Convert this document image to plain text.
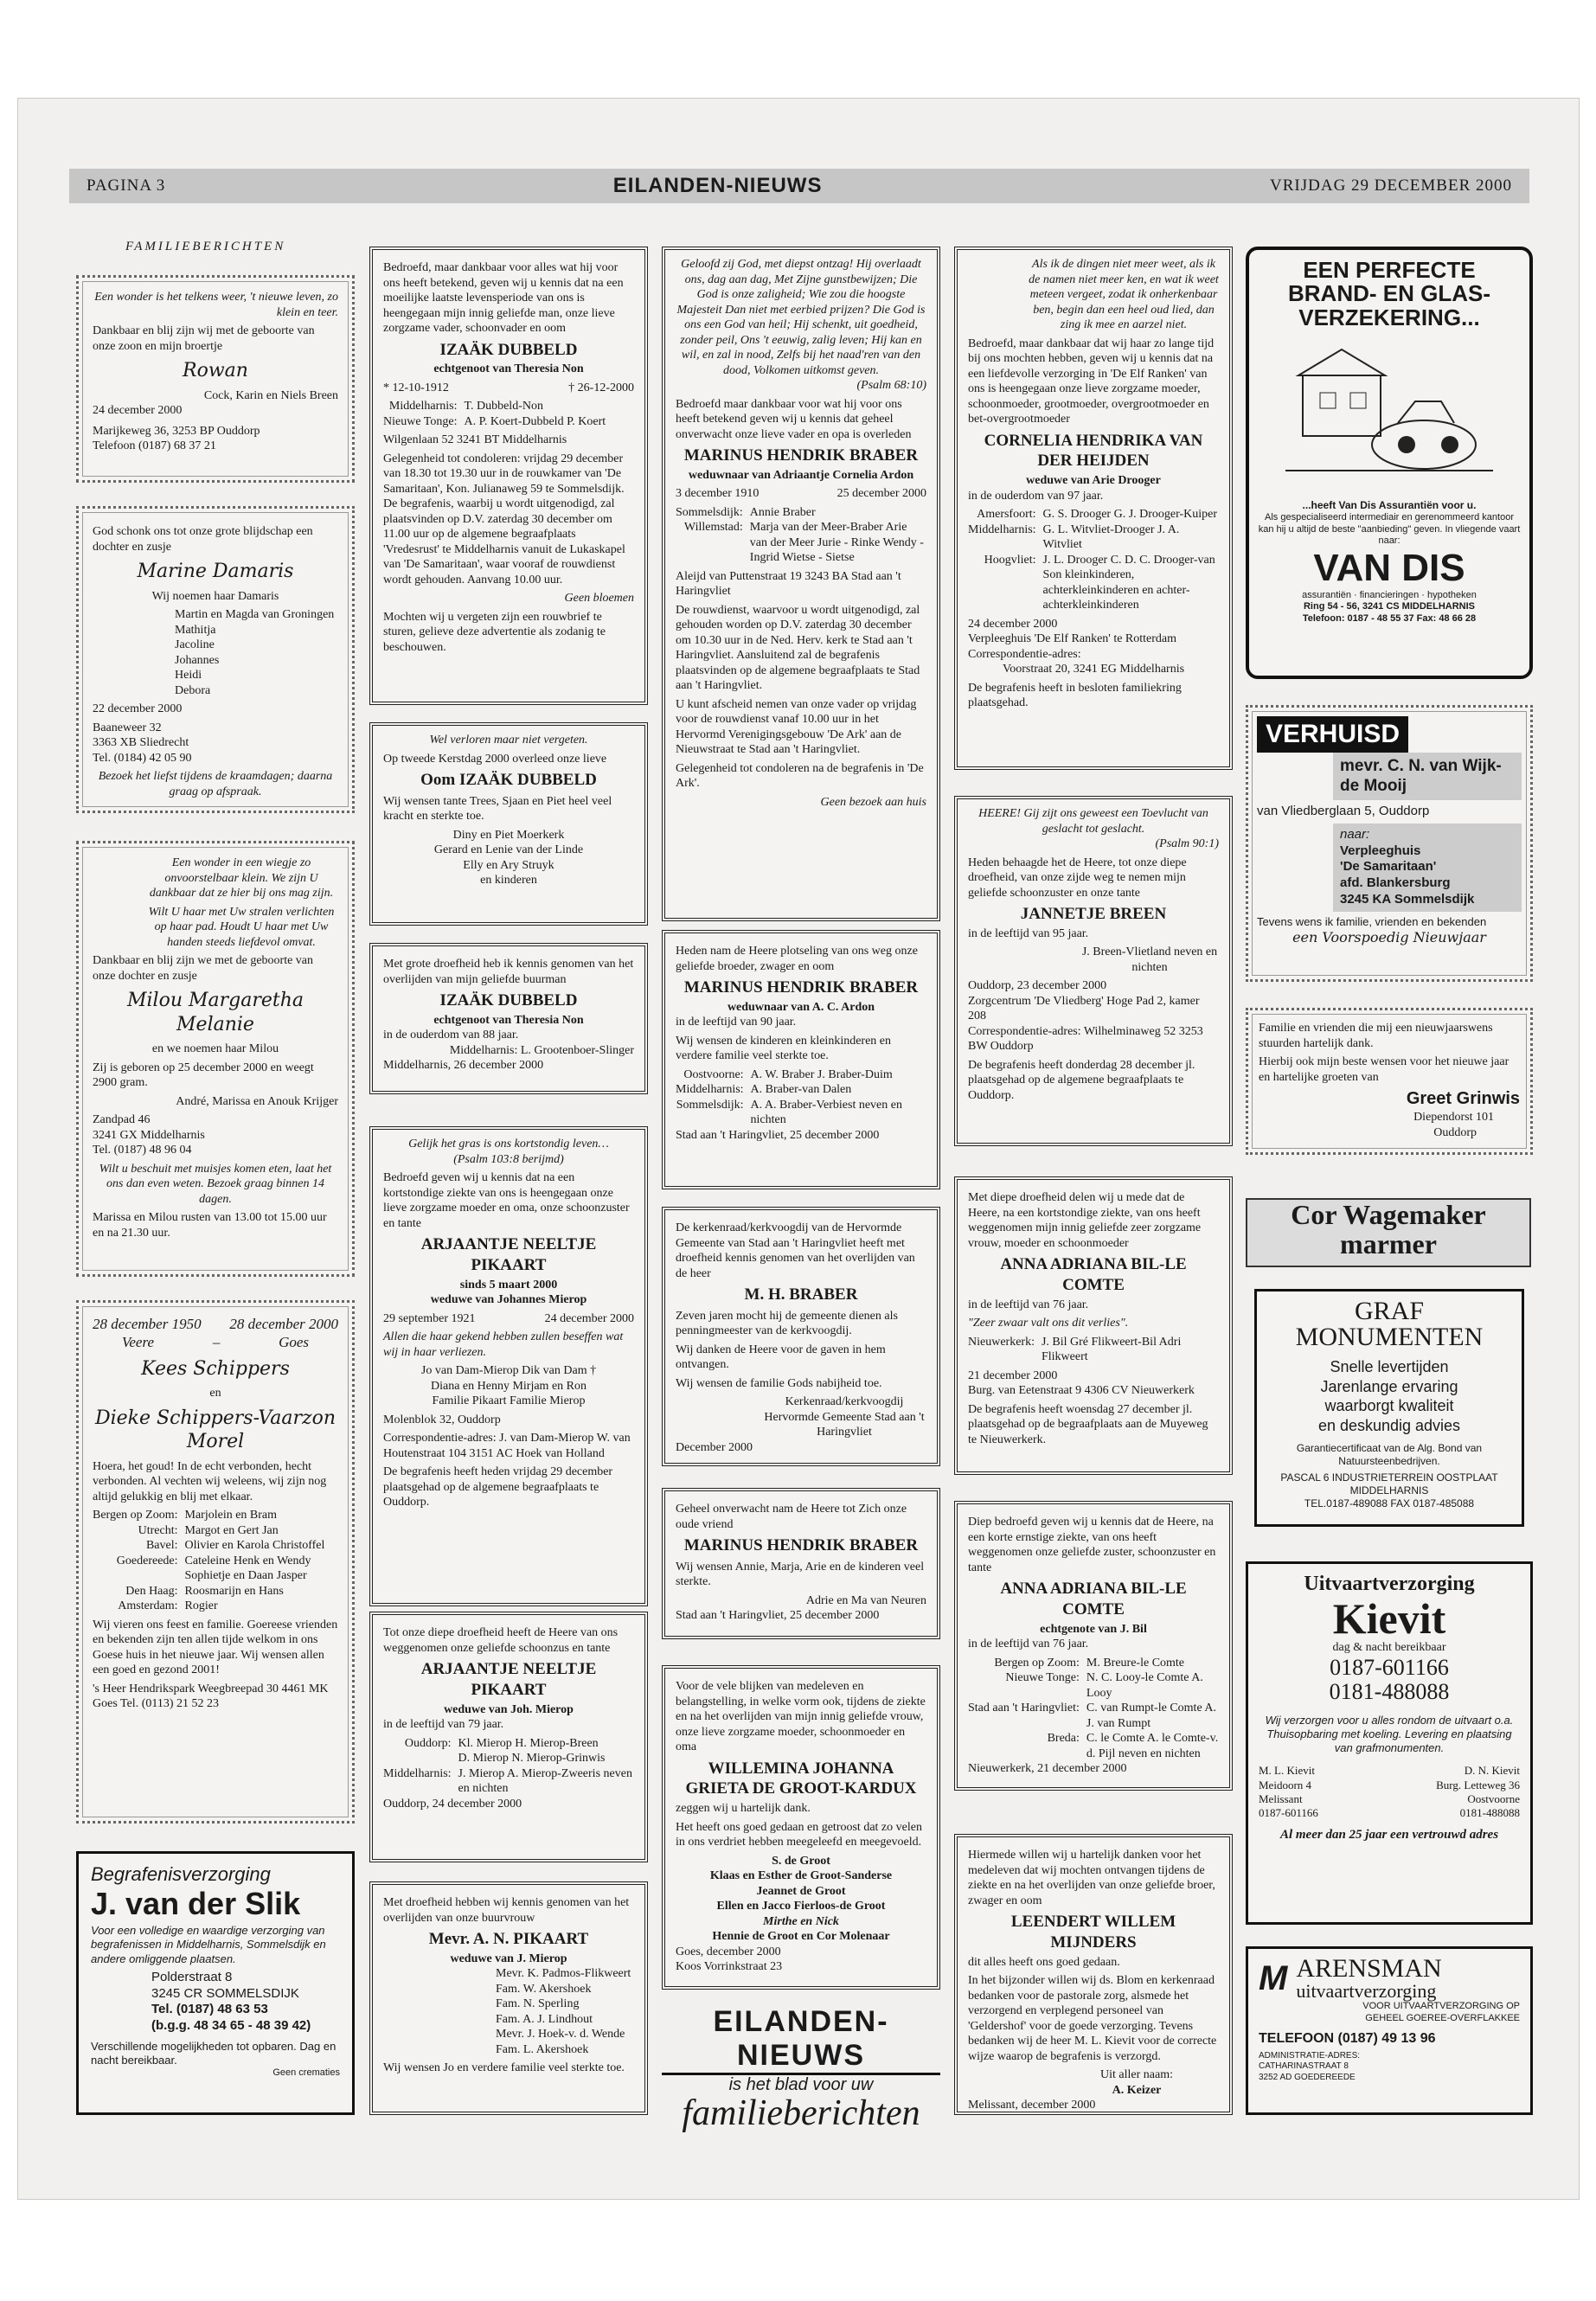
PAGINA 3	EILANDEN-NIEUWS	VRIJDAG 29 DECEMBER 2000
FAMILIEBERICHTEN
Een wonder is het telkens weer, 't nieuwe leven, zo klein en teer.

Dankbaar en blij zijn wij met de geboorte van onze zoon en mijn broertje

Rowan
Cock, Karin en Niels Breen
24 december 2000
Marijkeweg 36, 3253 BP Ouddorp
Telefoon (0187) 68 37 21

God schonk ons tot onze grote blijdschap een dochter en zusje

Marine Damaris
Wij noemen haar Damaris
Martin en Magda van Groningen
Mathitja
Jacoline
Johannes
Heidi
Debora
22 december 2000
Baaneweer 32
3363 XB Sliedrecht
Tel. (0184) 42 05 90
Bezoek het liefst tijdens de kraamdagen; daarna graag op afspraak.
Een wonder in een wiegje zo onvoorstelbaar klein. We zijn U dankbaar dat ze hier bij ons mag zijn.
Wilt U haar met Uw stralen verlichten op haar pad. Houdt U haar met Uw handen steeds liefdevol omvat.

Dankbaar en blij zijn we met de geboorte van onze dochter en zusje

Milou Margaretha Melanie
en we noemen haar Milou

Zij is geboren op 25 december 2000 en weegt 2900 gram.

André, Marissa en Anouk Krijger
Zandpad 46
3241 GX Middelharnis
Tel. (0187) 48 96 04
Wilt u beschuit met muisjes komen eten, laat het ons dan even weten. Bezoek graag binnen 14 dagen.

Marissa en Milou rusten van 13.00 tot 15.00 uur en na 21.30 uur.

28 december 1950 28 december 2000
Veere	–	Goes
Kees Schippers
en
Dieke Schippers-Vaarzon Morel

Hoera, het goud! In de echt verbonden, hecht verbonden. Al vechten wij weleens, wij zijn nog altijd gelukkig en blij met elkaar.

Bergen op Zoom: Marjolein en Bram
Utrecht: Margot en Gert Jan
Bavel: Olivier en Karola Christoffel
Goedereede: Cateleine Henk en Wendy Sophietje en Daan Jasper
Den Haag: Roosmarijn en Hans
Amsterdam: Rogier

Wij vieren ons feest en familie. Goereese vrienden en bekenden zijn ten allen tijde welkom in ons Goese huis in het nieuwe jaar. Wij wensen allen een goed en gezond 2001!

's Heer Hendrikspark Weegbreepad 30 4461 MK Goes Tel. (0113) 21 52 23

Begrafenisverzorging
J. van der Slik
Voor een volledige en waardige verzorging van begrafenissen in Middelharnis, Sommelsdijk en andere omliggende plaatsen.
Polderstraat 8
3245 CR SOMMELSDIJK
Tel. (0187) 48 63 53
(b.g.g. 48 34 65 - 48 39 42)
Verschillende mogelijkheden tot opbaren. Dag en nacht bereikbaar.
Geen crematies

Bedroefd, maar dankbaar voor alles wat hij voor ons heeft betekend, geven wij u kennis dat na een moeilijke laatste levensperiode van ons is heengegaan mijn innig geliefde man, onze lieve zorgzame vader, schoonvader en oom

IZAÄK DUBBELD
echtgenoot van Theresia Non
* 12-10-1912	† 26-12-2000
Middelharnis: T. Dubbeld-Non
Nieuwe Tonge: A. P. Koert-Dubbeld P. Koert

Wilgenlaan 52 3241 BT Middelharnis

Gelegenheid tot condoleren: vrijdag 29 december van 18.30 tot 19.30 uur in de rouwkamer van 'De Samaritaan', Kon. Julianaweg 59 te Sommelsdijk. De begrafenis, waarbij u wordt uitgenodigd, zal plaatsvinden op D.V. zaterdag 30 december om 11.00 uur op de algemene begraafplaats 'Vredesrust' te Middelharnis vanuit de Lukaskapel van 'De Samaritaan', waar vooraf de rouwdienst wordt gehouden. Aanvang 10.00 uur.

Geen bloemen

Mochten wij u vergeten zijn een rouwbrief te sturen, gelieve deze advertentie als zodanig te beschouwen.

Wel verloren maar niet vergeten.

Op tweede Kerstdag 2000 overleed onze lieve

Oom IZAÄK DUBBELD

Wij wensen tante Trees, Sjaan en Piet heel veel kracht en sterkte toe.

Diny en Piet Moerkerk
Gerard en Lenie van der Linde
Elly en Ary Struyk
en kinderen

Met grote droefheid heb ik kennis genomen van het overlijden van mijn geliefde buurman

IZAÄK DUBBELD
echtgenoot van Theresia Non
in de ouderdom van 88 jaar.
Middelharnis: L. Grootenboer-Slinger
Middelharnis, 26 december 2000
Gelijk het gras is ons kortstondig leven…
(Psalm 103:8 berijmd)

Bedroefd geven wij u kennis dat na een kortstondige ziekte van ons is heengegaan onze lieve zorgzame moeder en oma, onze schoonzuster en tante

ARJAANTJE NEELTJE PIKAART
sinds 5 maart 2000
weduwe van Johannes Mierop
29 september 1921	24 december 2000
Allen die haar gekend hebben zullen beseffen wat wij in haar verliezen.
Jo van Dam-Mierop Dik van Dam † Diana en Henny Mirjam en Ron Familie Pikaart Familie Mierop
Molenblok 32, Ouddorp

Correspondentie-adres: J. van Dam-Mierop W. van Houtenstraat 104 3151 AC Hoek van Holland

De begrafenis heeft heden vrijdag 29 december plaatsgehad op de algemene begraafplaats te Ouddorp.

Tot onze diepe droefheid heeft de Heere van ons weggenomen onze geliefde schoonzus en tante

ARJAANTJE NEELTJE PIKAART
weduwe van Joh. Mierop
in de leeftijd van 79 jaar.
Ouddorp: Kl. Mierop H. Mierop-Breen
D. Mierop N. Mierop-Grinwis
Middelharnis: J. Mierop A. Mierop-Zweeris neven en nichten
Ouddorp, 24 december 2000

Met droefheid hebben wij kennis genomen van het overlijden van onze buurvrouw

Mevr. A. N. PIKAART
weduwe van J. Mierop
Mevr. K. Padmos-Flikweert
Fam. W. Akershoek
Fam. N. Sperling
Fam. A. J. Lindhout
Mevr. J. Hoek-v. d. Wende
Fam. L. Akershoek

Wij wensen Jo en verdere familie veel sterkte toe.

Geloofd zij God, met diepst ontzag! Hij overlaadt ons, dag aan dag, Met Zijne gunstbewijzen; Die God is onze zaligheid; Wie zou die hoogste Majesteit Dan niet met eerbied prijzen? Die God is ons een God van heil; Hij schenkt, uit goedheid, zonder peil, Ons 't eeuwig, zalig leven; Hij kan en wil, en zal in nood, Zelfs bij het naad'ren van den dood, Volkomen uitkomst geven.
(Psalm 68:10)

Bedroefd maar dankbaar voor wat hij voor ons heeft betekend geven wij u kennis dat geheel onverwacht onze lieve vader en opa is overleden

MARINUS HENDRIK BRABER
weduwnaar van Adriaantje Cornelia Ardon
3 december 1910	25 december 2000
Sommelsdijk: Annie Braber
Willemstad: Marja van der Meer-Braber Arie van der Meer Jurie - Rinke Wendy - Ingrid Wietse - Sietse

Aleijd van Puttenstraat 19 3243 BA Stad aan 't Haringvliet

De rouwdienst, waarvoor u wordt uitgenodigd, zal gehouden worden op D.V. zaterdag 30 december om 10.30 uur in de Ned. Herv. kerk te Stad aan 't Haringvliet. Aansluitend zal de begrafenis plaatsvinden op de algemene begraafplaats te Stad aan 't Haringvliet.

U kunt afscheid nemen van onze vader op vrijdag voor de rouwdienst vanaf 10.00 uur in het Hervormd Verenigingsgebouw 'De Ark' aan de Nieuwstraat te Stad aan 't Haringvliet.

Gelegenheid tot condoleren na de begrafenis in 'De Ark'.

Geen bezoek aan huis

Heden nam de Heere plotseling van ons weg onze geliefde broeder, zwager en oom

MARINUS HENDRIK BRABER
weduwnaar van A. C. Ardon
in de leeftijd van 90 jaar.

Wij wensen de kinderen en kleinkinderen en verdere familie veel sterkte toe.

Oostvoorne: A. W. Braber J. Braber-Duim
Middelharnis: A. Braber-van Dalen
Sommelsdijk: A. A. Braber-Verbiest neven en nichten
Stad aan 't Haringvliet, 25 december 2000

De kerkenraad/kerkvoogdij van de Hervormde Gemeente van Stad aan 't Haringvliet heeft met droefheid kennis genomen van het overlijden van de heer

M. H. BRABER

Zeven jaren mocht hij de gemeente dienen als penningmeester van de kerkvoogdij.

Wij danken de Heere voor de gaven in hem ontvangen.

Wij wensen de familie Gods nabijheid toe.

Kerkenraad/kerkvoogdij Hervormde Gemeente Stad aan 't Haringvliet
December 2000

Geheel onverwacht nam de Heere tot Zich onze oude vriend

MARINUS HENDRIK BRABER

Wij wensen Annie, Marja, Arie en de kinderen veel sterkte.

Adrie en Ma van Neuren
Stad aan 't Haringvliet, 25 december 2000

Voor de vele blijken van medeleven en belangstelling, in welke vorm ook, tijdens de ziekte en na het overlijden van mijn innig geliefde vrouw, onze lieve zorgzame moeder, schoonmoeder en oma

WILLEMINA JOHANNA GRIETA DE GROOT-KARDUX
zeggen wij u hartelijk dank.

Het heeft ons goed gedaan en getroost dat zo velen in ons verdriet hebben meegeleefd en meegevoeld.

S. de Groot
Klaas en Esther de Groot-Sanderse
Jeannet de Groot
Ellen en Jacco Fierloos-de Groot
Mirthe en Nick
Hennie de Groot en Cor Molenaar
Goes, december 2000
Koos Vorrinkstraat 23
EILANDEN-NIEUWS
is het blad voor uw
familieberichten
Als ik de dingen niet meer weet, als ik de namen niet meer ken, en wat ik weet meteen vergeet, zodat ik onherkenbaar ben, begin dan een heel oud lied, dan zing ik mee en aarzel niet.

Bedroefd, maar dankbaar dat wij haar zo lange tijd bij ons mochten hebben, geven wij u kennis dat na een liefdevolle verzorging in 'De Elf Ranken' van ons is heengegaan onze lieve zorgzame moeder, schoonmoeder, grootmoeder, overgrootmoeder en bet-overgrootmoeder

CORNELIA HENDRIKA VAN DER HEIJDEN
weduwe van Arie Drooger
in de ouderdom van 97 jaar.
Amersfoort: G. S. Drooger G. J. Drooger-Kuiper
Middelharnis: G. L. Witvliet-Drooger J. A. Witvliet
Hoogvliet: J. L. Drooger C. D. C. Drooger-van Son kleinkinderen, achterkleinkinderen en achter-achterkleinkinderen
24 december 2000
Verpleeghuis 'De Elf Ranken' te Rotterdam
Correspondentie-adres:
Voorstraat 20, 3241 EG Middelharnis

De begrafenis heeft in besloten familiekring plaatsgehad.

HEERE! Gij zijt ons geweest een Toevlucht van geslacht tot geslacht.
(Psalm 90:1)

Heden behaagde het de Heere, tot onze diepe droefheid, van onze zijde weg te nemen mijn geliefde schoonzuster en onze tante

JANNETJE BREEN
in de leeftijd van 95 jaar.
J. Breen-Vlietland neven en nichten
Ouddorp, 23 december 2000
Zorgcentrum 'De Vliedberg' Hoge Pad 2, kamer 208
Correspondentie-adres: Wilhelminaweg 52 3253 BW Ouddorp

De begrafenis heeft donderdag 28 december jl. plaatsgehad op de algemene begraafplaats te Ouddorp.

Met diepe droefheid delen wij u mede dat de Heere, na een kortstondige ziekte, van ons heeft weggenomen mijn innig geliefde zeer zorgzame vrouw, moeder en schoonmoeder

ANNA ADRIANA BIL-LE COMTE
in de leeftijd van 76 jaar.
"Zeer zwaar valt ons dit verlies".
Nieuwerkerk: J. Bil Gré Flikweert-Bil Adri Flikweert
21 december 2000
Burg. van Eetenstraat 9 4306 CV Nieuwerkerk

De begrafenis heeft woensdag 27 december jl. plaatsgehad op de begraafplaats aan de Muyeweg te Nieuwerkerk.

Diep bedroefd geven wij u kennis dat de Heere, na een korte ernstige ziekte, van ons heeft weggenomen onze geliefde zuster, schoonzuster en tante

ANNA ADRIANA BIL-LE COMTE
echtgenote van J. Bil
in de leeftijd van 76 jaar.
Bergen op Zoom: M. Breure-le Comte
Nieuwe Tonge: N. C. Looy-le Comte A. Looy
Stad aan 't Haringvliet: C. van Rumpt-le Comte A. J. van Rumpt
Breda: C. le Comte A. le Comte-v. d. Pijl neven en nichten
Nieuwerkerk, 21 december 2000

Hiermede willen wij u hartelijk danken voor het medeleven dat wij mochten ontvangen tijdens de ziekte en na het overlijden van onze geliefde broer, zwager en oom

LEENDERT WILLEM MIJNDERS
dit alles heeft ons goed gedaan.

In het bijzonder willen wij ds. Blom en kerkenraad bedanken voor de pastorale zorg, alsmede het verzorgend en verplegend personeel van 'Geldershof' voor de goede verzorging. Tevens bedanken wij de heer M. L. Kievit voor de correcte wijze waarop de begrafenis is verzorgd.

Uit aller naam:
A. Keizer
Melissant, december 2000
EEN PERFECTE BRAND- EN GLAS- VERZEKERING...
...heeft Van Dis Assurantiën voor u.
Als gespecialiseerd intermediair en gerenommeerd kantoor kan hij u altijd de beste "aanbieding" geven. In vliegende vaart naar:
VAN DIS
assurantiën · financieringen · hypotheken
Ring 54 - 56, 3241 CS MIDDELHARNIS
Telefoon: 0187 - 48 55 37 Fax: 48 66 28
VERHUISD
mevr. C. N. van Wijk-de Mooij
van Vliedberglaan 5, Ouddorp
naar:
Verpleeghuis
'De Samaritaan'
afd. Blankersburg
3245 KA Sommelsdijk
Tevens wens ik familie, vrienden en bekenden
een Voorspoedig Nieuwjaar
Familie en vrienden die mij een nieuwjaarswens stuurden hartelijk dank.

Hierbij ook mijn beste wensen voor het nieuwe jaar en hartelijke groeten van

Greet Grinwis
Diependorst 101
Ouddorp
Cor Wagemaker
marmer
GRAF
MONUMENTEN
Snelle levertijden
Jarenlange ervaring
waarborgt kwaliteit
en deskundig advies
Garantiecertificaat van de Alg. Bond van Natuursteenbedrijven.
PASCAL 6 INDUSTRIETERREIN OOSTPLAAT MIDDELHARNIS
TEL.0187-489088 FAX 0187-485088
Uitvaartverzorging
Kievit
dag & nacht bereikbaar
0187-601166
0181-488088
Wij verzorgen voor u alles rondom de uitvaart o.a. Thuisopbaring met koeling. Levering en plaatsing van grafmonumenten.
M. L. Kievit
Meidoorn 4
Melissant
0187-601166
D. N. Kievit
Burg. Letteweg 36
Oostvoorne
0181-488088
Al meer dan 25 jaar een vertrouwd adres
M ARENSMAN
uitvaartverzorging
VOOR UITVAARTVERZORGING OP
GEHEEL GOEREE-OVERFLAKKEE
TELEFOON (0187) 49 13 96
ADMINISTRATIE-ADRES:
CATHARINASTRAAT 8
3252 AD GOEDEREEDE
